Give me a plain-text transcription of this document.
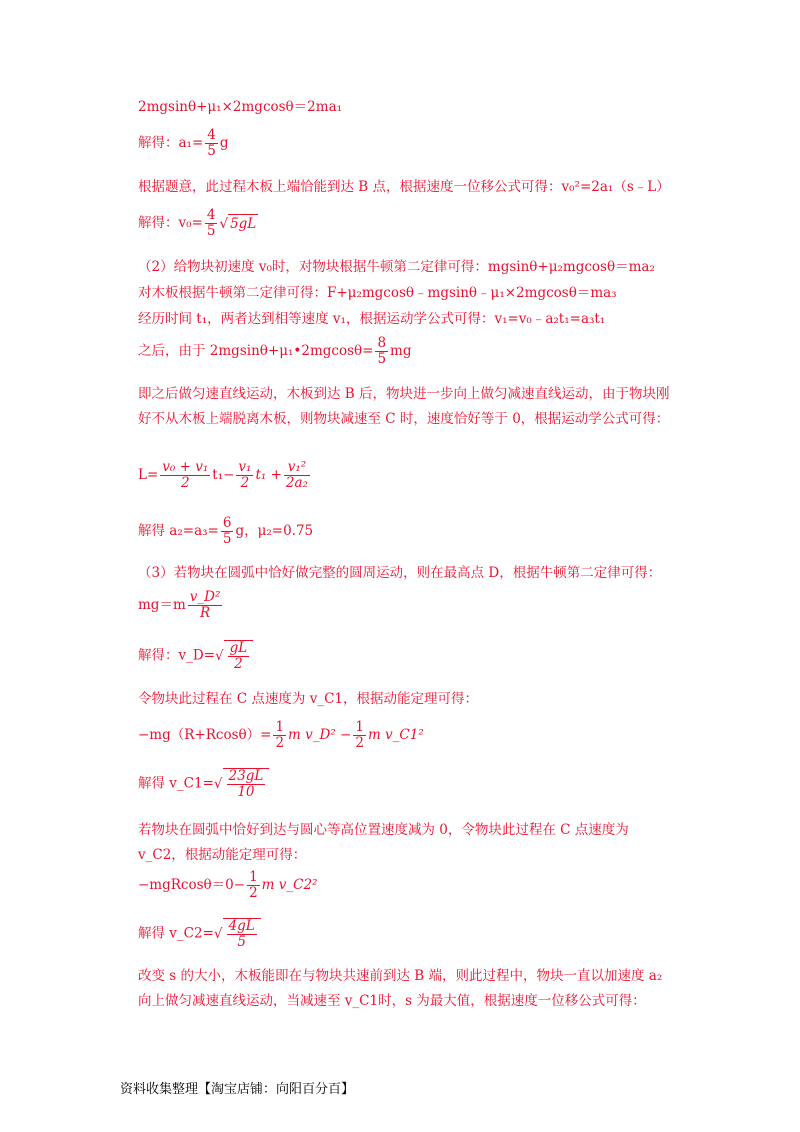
2mgsinθ+μ₁×2mgcosθ＝2ma₁
解得：$a_1= \frac{4}{5}$ g
根据题意，此过程木板上端恰能到达 B 点，根据速度一位移公式可得：v₀²=2a₁（s﹣L）
解得：$v_0= \frac{4}{5}$ √ 5gL
（2）给物块初速度 v₀时，对物块根据牛顿第二定律可得：mgsinθ+μ₂mgcosθ＝ma₂
对木板根据牛顿第二定律可得：F+μ₂mgcosθ﹣mgsinθ﹣μ₁×2mgcosθ＝ma₃
经历时间 t₁，两者达到相等速度 v₁，根据运动学公式可得：v₁=v₀﹣a₂t₁=a₃t₁
之后，由于 2mgsinθ+μ₁•2mgcosθ= $\frac{8}{5}$ mg
即之后做匀速直线运动，木板到达 B 后，物块进一步向上做匀减速直线运动，由于物块刚好不从木板上端脱离木板，则物块减速至 C 时，速度恰好等于 0，根据运动学公式可得：
$L= \frac{\text{v₀ + v₁}}{2} t_1- \frac{\text{v₁}}{2} t_1 + \frac{\text{v₁²}}{\text{2a₂}}$
解得 $a_2=a_3= \frac{6}{5}$ g，μ₂=0.75
（3）若物块在圆弧中恰好做完整的圆周运动，则在最高点 D，根据牛顿第二定律可得：
$mg=m \frac{\text{v\_D²}}{R}$
解得：v_D=√ $\frac{gL}{2}$
令物块此过程在 C 点速度为 v_C1，根据动能定理可得：
$-mg(R+Rcos\theta)= \frac{1}{2}$ m v_D² − $\frac{1}{2}$ m v_C1²
解得 v_C1=√ $\frac{23gL}{10}$
若物块在圆弧中恰好到达与圆心等高位置速度减为 0，令物块此过程在 C 点速度为 v_C2，根据动能定理可得：
$-mgRcos\theta=0- \frac{1}{2}$ m v_C2²
解得 v_C2=√ $\frac{4gL}{5}$
改变 s 的大小，木板能即在与物块共速前到达 B 端，则此过程中，物块一直以加速度 a₂ 向上做匀减速直线运动，当减速至 v_C1时，s 为最大值，根据速度一位移公式可得：
资料收集整理【淘宝店铺：向阳百分百】
